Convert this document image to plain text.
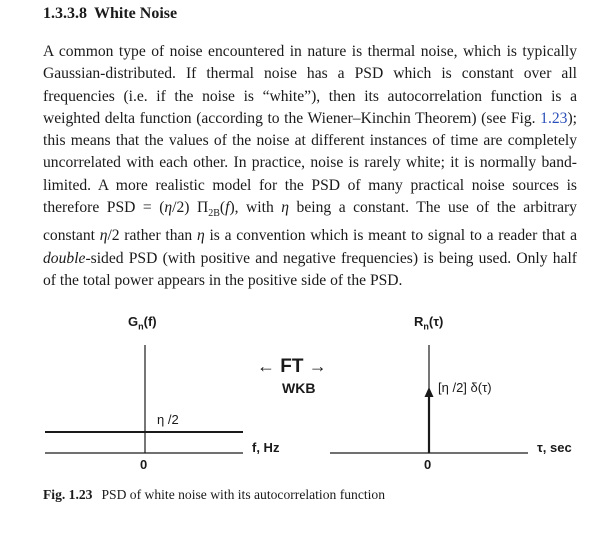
1.3.3.8 White Noise
A common type of noise encountered in nature is thermal noise, which is typically Gaussian-distributed. If thermal noise has a PSD which is constant over all frequencies (i.e. if the noise is “white”), then its autocorrelation function is a weighted delta function (according to the Wiener–Kinchin Theorem) (see Fig. 1.23); this means that the values of the noise at different instances of time are completely uncorrelated with each other. In practice, noise is rarely white; it is normally band-limited. A more realistic model for the PSD of many practical noise sources is therefore PSD = (η/2) $\Pi_{2B}(f)$, with η being a constant. The use of the arbitrary constant η/2 rather than η is a convention which is meant to signal to a reader that a double-sided PSD (with positive and negative frequencies) is being used. Only half of the total power appears in the positive side of the PSD.
$G_n(f)$
η /2
f, Hz
0
← FT →
WKB
$R_n(\tau)$
[η /2] δ(τ)
τ, sec
0
Fig. 1.23 PSD of white noise with its autocorrelation function
